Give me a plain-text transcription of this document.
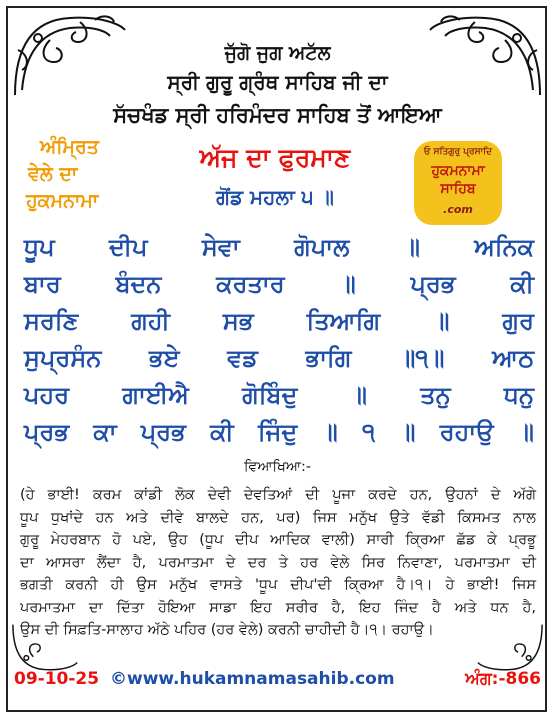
ਜੁੱਗੋ ਜੁਗ ਅਟੱਲ
ਸ੍ਰੀ ਗੁਰੂ ਗ੍ਰੰਥ ਸਾਹਿਬ ਜੀ ਦਾ
ਸੱਚਖੰਡ ਸ੍ਰੀ ਹਰਿਮੰਦਰ ਸਾਹਿਬ ਤੋਂ ਆਇਆ
ਅੰਮ੍ਰਿਤ
ਵੇਲੇ ਦਾ
ਹੁਕਮਨਾਮਾ
ਅੱਜ ਦਾ ਫੁਰਮਾਣ
ਗੋਂਡ ਮਹਲਾ ੫ ॥
ਓ ਸਤਿਗੁਰੁ ਪ੍ਰਸਾਦਿ
ਹੁਕਮਨਾਮਾ
ਸਾਹਿਬ
.com
ਧੂਪ ਦੀਪ ਸੇਵਾ ਗੋਪਾਲ ॥ ਅਨਿਕ
ਬਾਰ ਬੰਦਨ ਕਰਤਾਰ ॥ ਪ੍ਰਭ ਕੀ
ਸਰਣਿ ਗਹੀ ਸਭ ਤਿਆਗਿ ॥ ਗੁਰ
ਸੁਪ੍ਰਸੰਨ ਭਏ ਵਡ ਭਾਗਿ ॥੧॥ ਆਠ
ਪਹਰ ਗਾਈਐ ਗੋਬਿੰਦੁ ॥ ਤਨੁ ਧਨੁ
ਪ੍ਰਭ ਕਾ ਪ੍ਰਭ ਕੀ ਜਿੰਦੁ ॥ ੧ ॥ ਰਹਾਉ ॥
ਵਿਆਖਿਆ:-
(ਹੇ ਭਾਈ! ਕਰਮ ਕਾਂਡੀ ਲੋਕ ਦੇਵੀ ਦੇਵਤਿਆਂ ਦੀ ਪੂਜਾ ਕਰਦੇ ਹਨ, ਉਹਨਾਂ ਦੇ ਅੱਗੇ
ਧੂਪ ਧੁਖਾਂਦੇ ਹਨ ਅਤੇ ਦੀਵੇ ਬਾਲਦੇ ਹਨ, ਪਰ) ਜਿਸ ਮਨੁੱਖ ਉਤੇ ਵੱਡੀ ਕਿਸਮਤ ਨਾਲ
ਗੁਰੂ ਮੇਹਰਬਾਨ ਹੋ ਪਏ, ਉਹ (ਧੂਪ ਦੀਪ ਆਦਿਕ ਵਾਲੀ) ਸਾਰੀ ਕ੍ਰਿਆ ਛੱਡ ਕੇ ਪ੍ਰਭੂ
ਦਾ ਆਸਰਾ ਲੈਂਦਾ ਹੈ, ਪਰਮਾਤਮਾ ਦੇ ਦਰ ਤੇ ਹਰ ਵੇਲੇ ਸਿਰ ਨਿਵਾਣਾ, ਪਰਮਾਤਮਾ ਦੀ
ਭਗਤੀ ਕਰਨੀ ਹੀ ਉਸ ਮਨੁੱਖ ਵਾਸਤੇ 'ਧੂਪ ਦੀਪ'ਦੀ ਕ੍ਰਿਆ ਹੈ।੧। ਹੇ ਭਾਈ! ਜਿਸ
ਪਰਮਾਤਮਾ ਦਾ ਦਿੱਤਾ ਹੋਇਆ ਸਾਡਾ ਇਹ ਸਰੀਰ ਹੈ, ਇਹ ਜਿੰਦ ਹੈ ਅਤੇ ਧਨ ਹੈ,
ਉਸ ਦੀ ਸਿਫ਼ਤਿ-ਸਾਲਾਹ ਅੱਠੇ ਪਹਿਰ (ਹਰ ਵੇਲੇ) ਕਰਨੀ ਚਾਹੀਦੀ ਹੈ।੧। ਰਹਾਉ।
09-10-25 ©www.hukamnamasahib.com	ਅੰਗ:-866
